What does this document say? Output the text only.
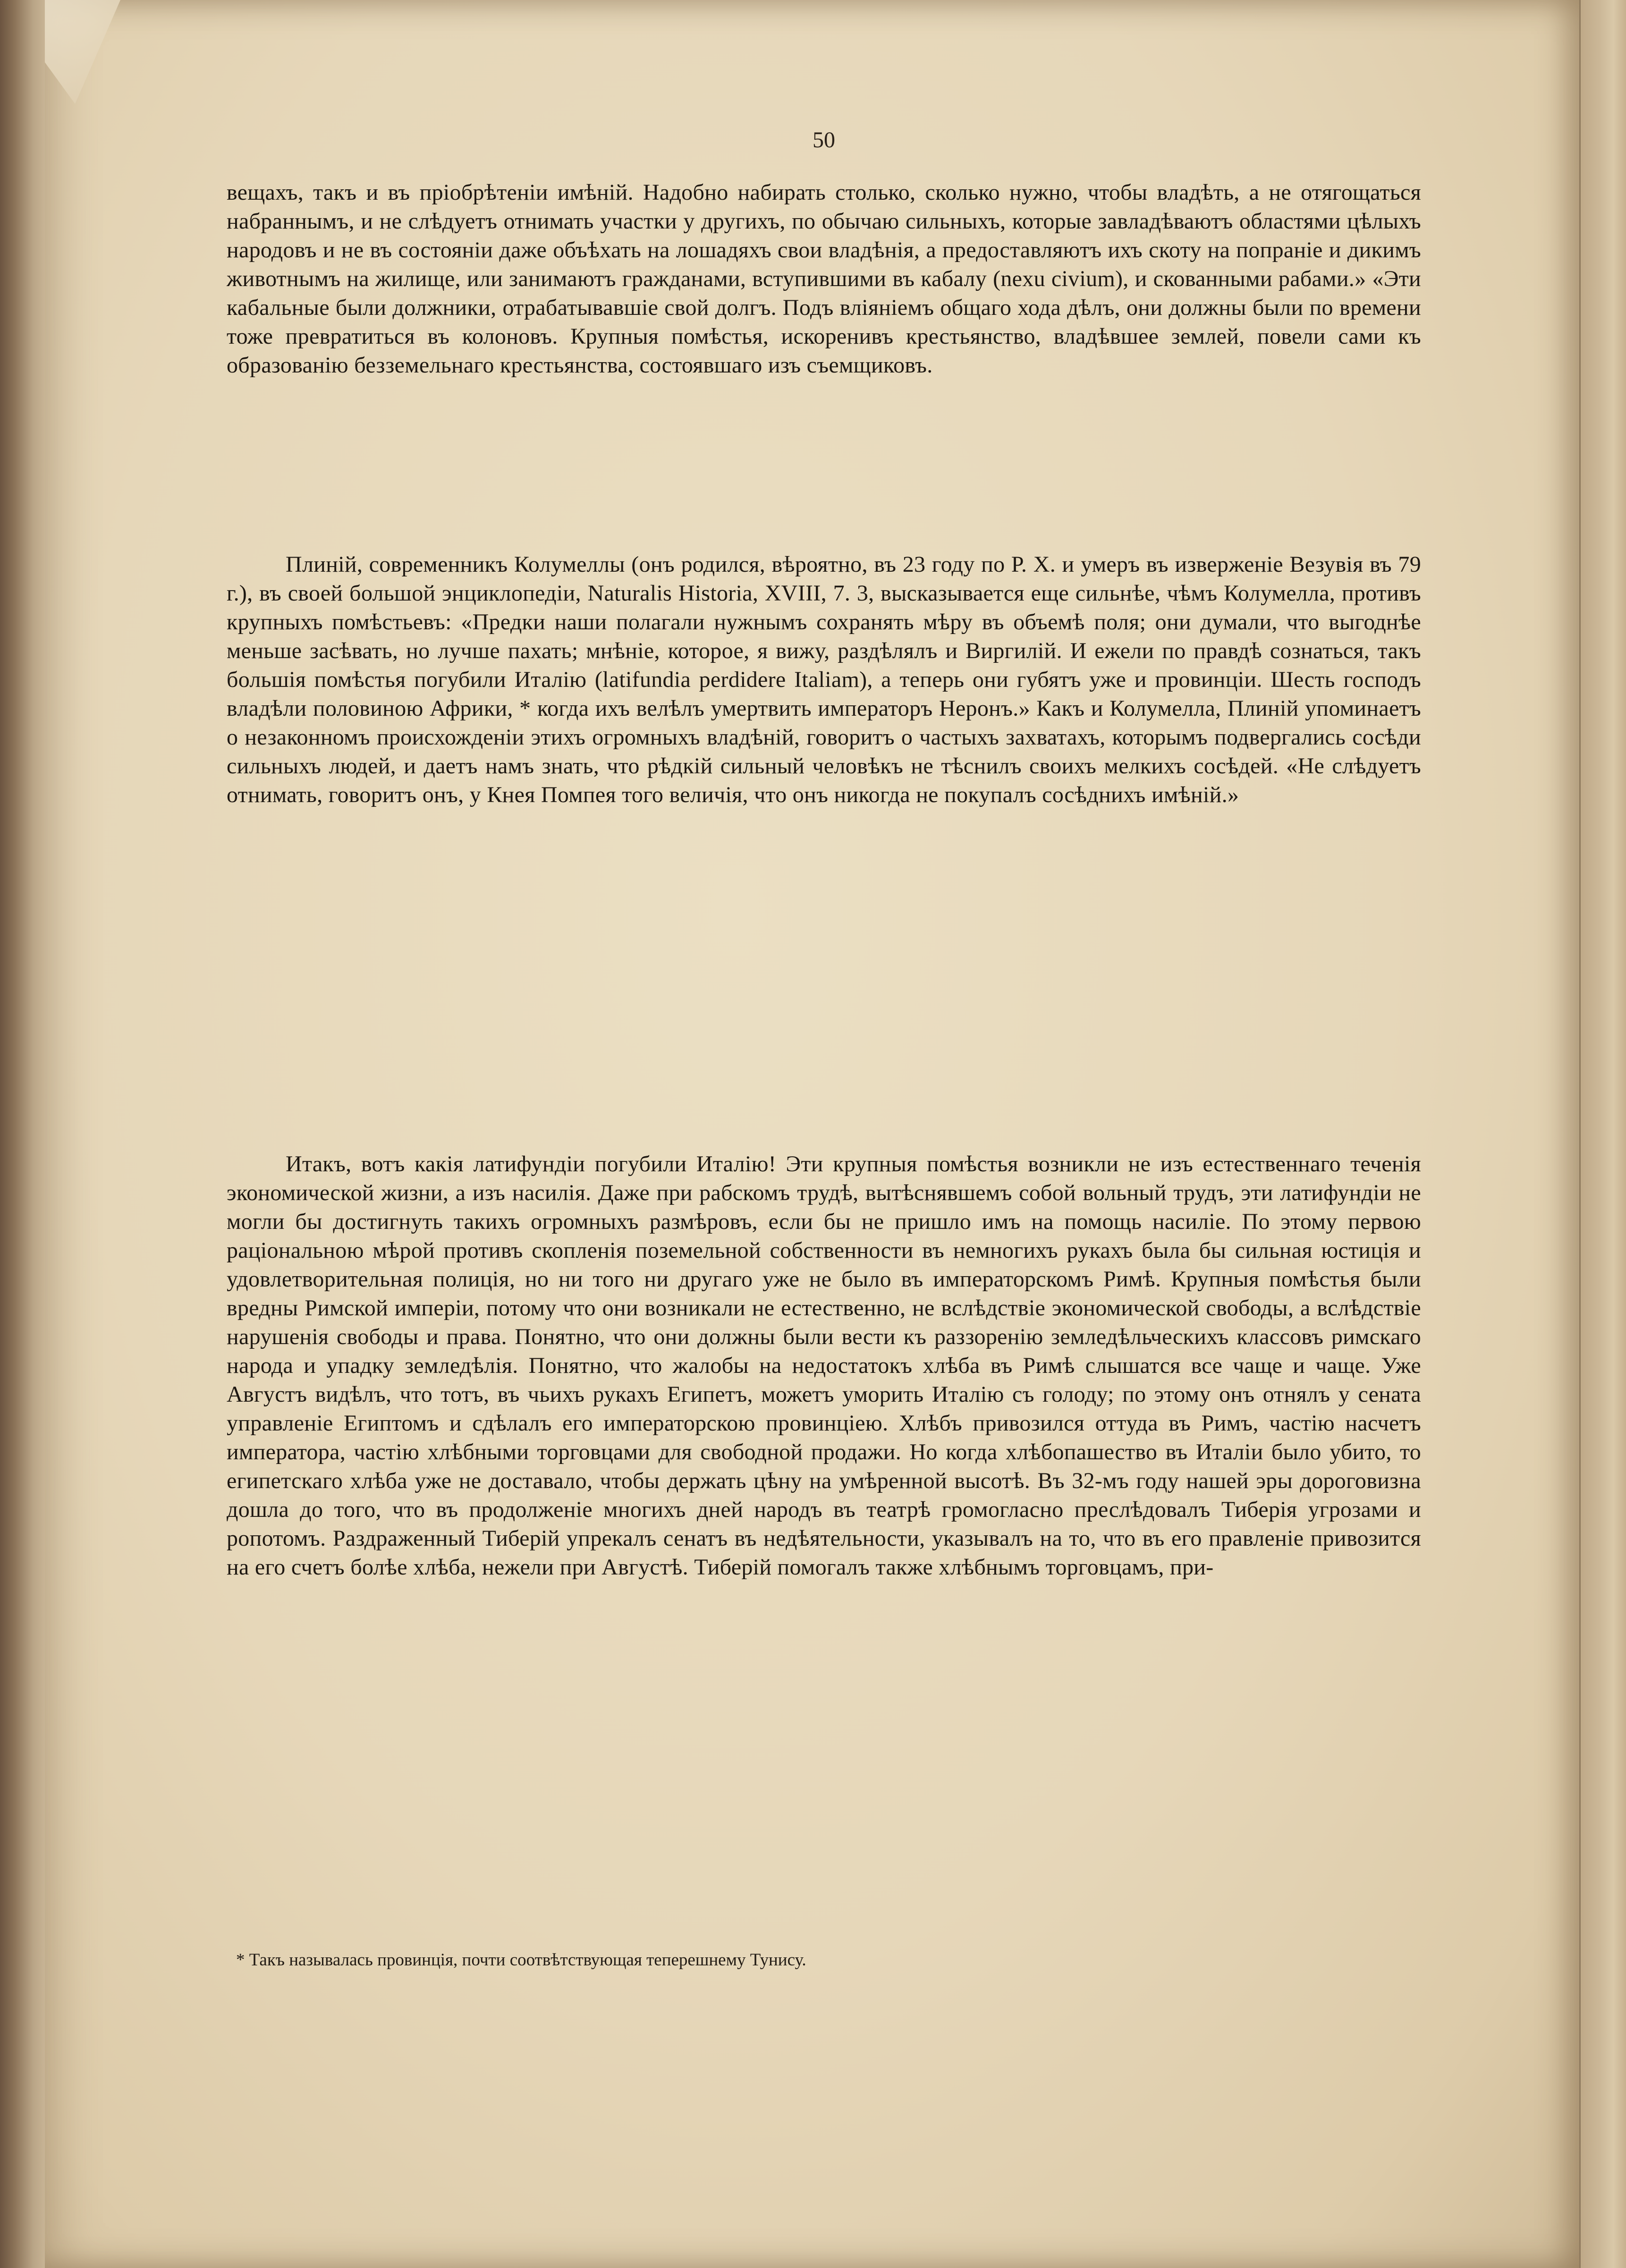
50

вещахъ, такъ и въ пріобрѣтеніи имѣній. Надобно набирать столько, сколько нужно, чтобы владѣть, а не отягощаться набраннымъ, и не слѣдуетъ отнимать участки у другихъ, по обычаю сильныхъ, которые завладѣваютъ областями цѣлыхъ народовъ и не въ состояніи даже объѣхать на лошадяхъ свои владѣнія, а предоставляютъ ихъ скоту на попраніе и дикимъ животнымъ на жилище, или занимаютъ гражданами, вступившими въ кабалу (nexu civium), и скованными рабами.» «Эти кабальные были должники, отрабатывавшіе свой долгъ. Подъ вліяніемъ общаго хода дѣлъ, они должны были по времени тоже превратиться въ колоновъ. Крупныя помѣстья, искоренивъ крестьянство, владѣвшее землей, повели сами къ образованію безземельнаго крестьянства, состоявшаго изъ съемщиковъ.

Плиній, современникъ Колумеллы (онъ родился, вѣроятно, въ 23 году по Р. Х. и умеръ въ изверженіе Везувія въ 79 г.), въ своей большой энциклопедіи, Naturalis Historia, XVIII, 7. 3, высказывается еще сильнѣе, чѣмъ Колумелла, противъ крупныхъ помѣстьевъ: «Предки наши полагали нужнымъ сохранять мѣру въ объемѣ поля; они думали, что выгоднѣе меньше засѣвать, но лучше пахать; мнѣніе, которое, я вижу, раздѣлялъ и Виргилій. И ежели по правдѣ сознаться, такъ большія помѣстья погубили Италію (latifundia perdidere Italiam), а теперь они губятъ уже и провинціи. Шесть господъ владѣли половиною Африки, * когда ихъ велѣлъ умертвить императоръ Неронъ.» Какъ и Колумелла, Плиній упоминаетъ о незаконномъ происхожденіи этихъ огромныхъ владѣній, говоритъ о частыхъ захватахъ, которымъ подвергались сосѣди сильныхъ людей, и даетъ намъ знать, что рѣдкій сильный человѣкъ не тѣснилъ своихъ мелкихъ сосѣдей. «Не слѣдуетъ отнимать, говоритъ онъ, у Кнея Помпея того величія, что онъ никогда не покупалъ сосѣднихъ имѣній.»

Итакъ, вотъ какія латифундіи погубили Италію! Эти крупныя помѣстья возникли не изъ естественнаго теченія экономической жизни, а изъ насилія. Даже при рабскомъ трудѣ, вытѣснявшемъ собой вольный трудъ, эти латифундіи не могли бы достигнуть такихъ огромныхъ размѣровъ, если бы не пришло имъ на помощь насиліе. По этому первою раціональною мѣрой противъ скопленія поземельной собственности въ немногихъ рукахъ была бы сильная юстиція и удовлетворительная полиція, но ни того ни другаго уже не было въ императорскомъ Римѣ. Крупныя помѣстья были вредны Римской имперіи, потому что они возникали не естественно, не вслѣдствіе экономической свободы, а вслѣдствіе нарушенія свободы и права. Понятно, что они должны были вести къ раззоренію земледѣльческихъ классовъ римскаго народа и упадку земледѣлія. Понятно, что жалобы на недостатокъ хлѣба въ Римѣ слышатся все чаще и чаще. Уже Августъ видѣлъ, что тотъ, въ чьихъ рукахъ Египетъ, можетъ уморить Италію съ голоду; по этому онъ отнялъ у сената управленіе Египтомъ и сдѣлалъ его императорскою провинціею. Хлѣбъ привозился оттуда въ Римъ, частію насчетъ императора, частію хлѣбными торговцами для свободной продажи. Но когда хлѣбопашество въ Италіи было убито, то египетскаго хлѣба уже не доставало, чтобы держать цѣну на умѣренной высотѣ. Въ 32-мъ году нашей эры дороговизна дошла до того, что въ продолженіе многихъ дней народъ въ театрѣ громогласно преслѣдовалъ Тиберія угрозами и ропотомъ. Раздраженный Тиберій упрекалъ сенатъ въ недѣятельности, указывалъ на то, что въ его правленіе привозится на его счетъ болѣе хлѣба, нежели при Августѣ. Тиберій помогалъ также хлѣбнымъ торговцамъ, при-

* Такъ называлась провинція, почти соотвѣтствующая теперешнему Тунису.
